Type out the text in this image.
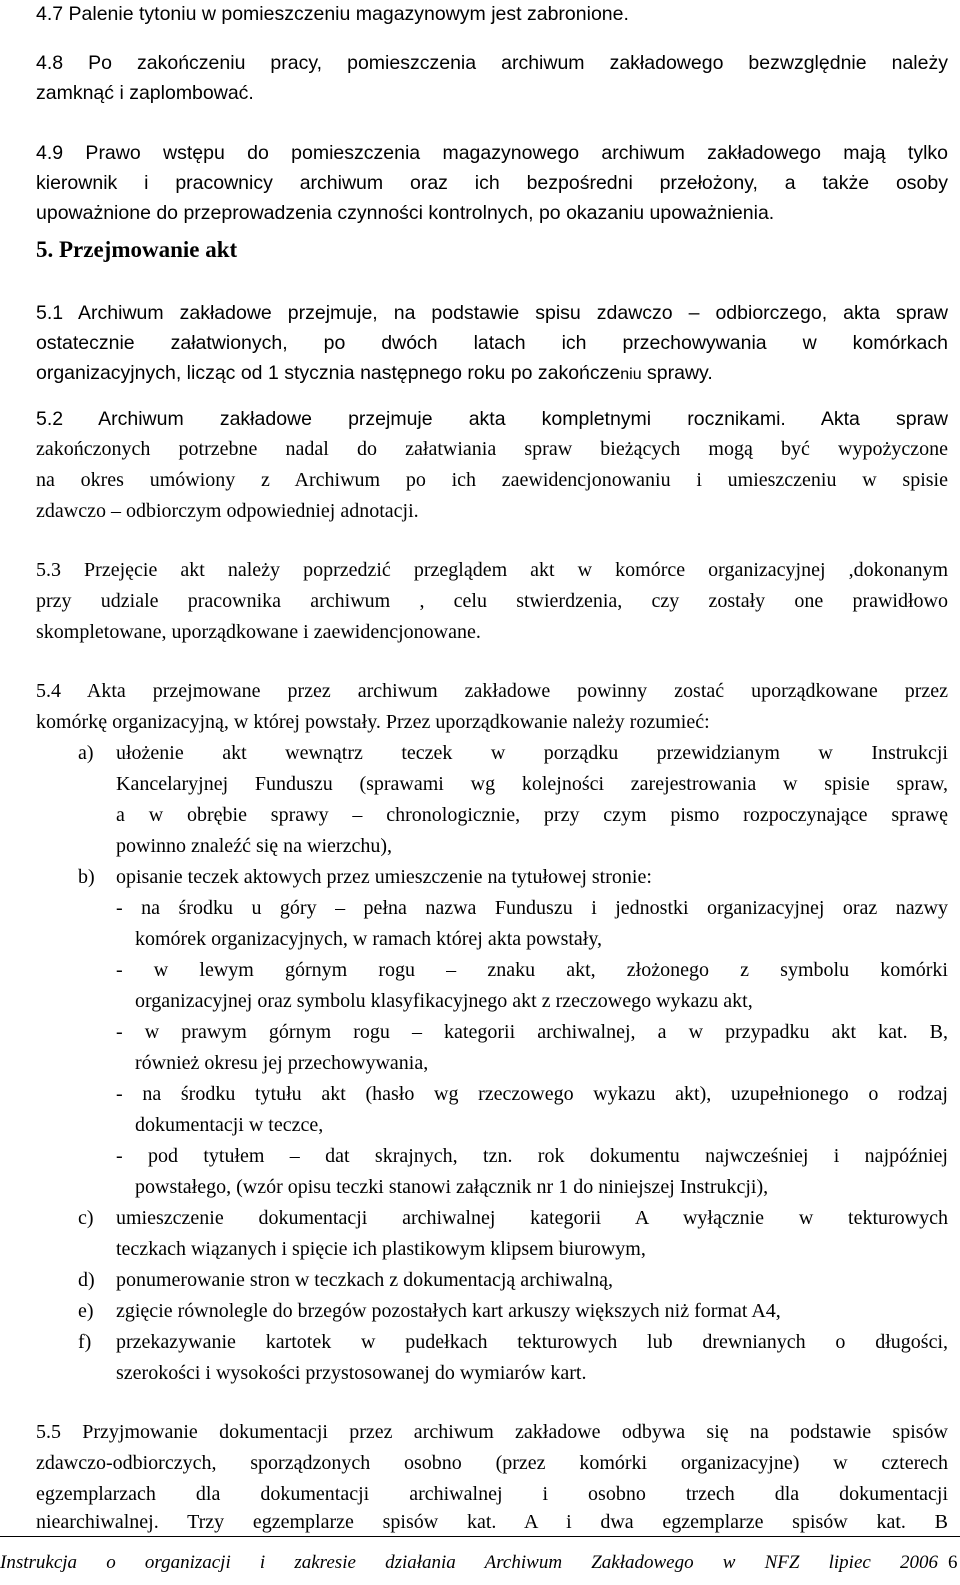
4.7 Palenie tytoniu w pomieszczeniu magazynowym jest zabronione.
4.8 Po zakończeniu pracy, pomieszczenia archiwum zakładowego bezwzględnie należy
zamknąć i zaplombować.
4.9 Prawo wstępu do pomieszczenia magazynowego archiwum zakładowego mają tylko
kierownik i pracownicy archiwum oraz ich bezpośredni przełożony, a także osoby
upoważnione do przeprowadzenia czynności kontrolnych, po okazaniu upoważnienia.
5. Przejmowanie akt
5.1 Archiwum zakładowe przejmuje, na podstawie spisu zdawczo – odbiorczego, akta spraw
ostatecznie załatwionych, po dwóch latach ich przechowywania w komórkach
organizacyjnych, licząc od 1 stycznia następnego roku po zakończeniu sprawy.
5.2 Archiwum zakładowe przejmuje akta kompletnymi rocznikami. Akta spraw
zakończonych potrzebne nadal do załatwiania spraw bieżących mogą być wypożyczone
na okres umówiony z Archiwum po ich zaewidencjonowaniu i umieszczeniu w spisie
zdawczo – odbiorczym odpowiedniej adnotacji.
5.3 Przejęcie akt należy poprzedzić przeglądem akt w komórce organizacyjnej ,dokonanym
przy udziale pracownika archiwum , celu stwierdzenia, czy zostały one prawidłowo
skompletowane, uporządkowane i zaewidencjonowane.
5.4 Akta przejmowane przez archiwum zakładowe powinny zostać uporządkowane przez
komórkę organizacyjną, w której powstały. Przez uporządkowanie należy rozumieć:
a) ułożenie akt wewnątrz teczek w porządku przewidzianym w Instrukcji
Kancelaryjnej Funduszu (sprawami wg kolejności zarejestrowania w spisie spraw,
a w obrębie sprawy – chronologicznie, przy czym pismo rozpoczynające sprawę
powinno znaleźć się na wierzchu),
b) opisanie teczek aktowych przez umieszczenie na tytułowej stronie:
- na środku u góry – pełna nazwa Funduszu i jednostki organizacyjnej oraz nazwy
komórek organizacyjnych, w ramach której akta powstały,
- w lewym górnym rogu – znaku akt, złożonego z symbolu komórki
organizacyjnej oraz symbolu klasyfikacyjnego akt z rzeczowego wykazu akt,
- w prawym górnym rogu – kategorii archiwalnej, a w przypadku akt kat. B,
również okresu jej przechowywania,
- na środku tytułu akt (hasło wg rzeczowego wykazu akt), uzupełnionego o rodzaj
dokumentacji w teczce,
- pod tytułem – dat skrajnych, tzn. rok dokumentu najwcześniej i najpóźniej
powstałego, (wzór opisu teczki stanowi załącznik nr 1 do niniejszej Instrukcji),
c) umieszczenie dokumentacji archiwalnej kategorii A wyłącznie w tekturowych
teczkach wiązanych i spięcie ich plastikowym klipsem biurowym,
d) ponumerowanie stron w teczkach z dokumentacją archiwalną,
e) zgięcie równolegle do brzegów pozostałych kart arkuszy większych niż format A4,
f) przekazywanie kartotek w pudełkach tekturowych lub drewnianych o długości,
szerokości i wysokości przystosowanej do wymiarów kart.
5.5 Przyjmowanie dokumentacji przez archiwum zakładowe odbywa się na podstawie spisów
zdawczo-odbiorczych, sporządzonych osobno (przez komórki organizacyjne) w czterech
egzemplarzach dla dokumentacji archiwalnej i osobno trzech dla dokumentacji
niearchiwalnej. Trzy egzemplarze spisów kat. A i dwa egzemplarze spisów kat. B
Instrukcja o organizacji i zakresie działania Archiwum Zakładowego w NFZ lipiec 2006 6
